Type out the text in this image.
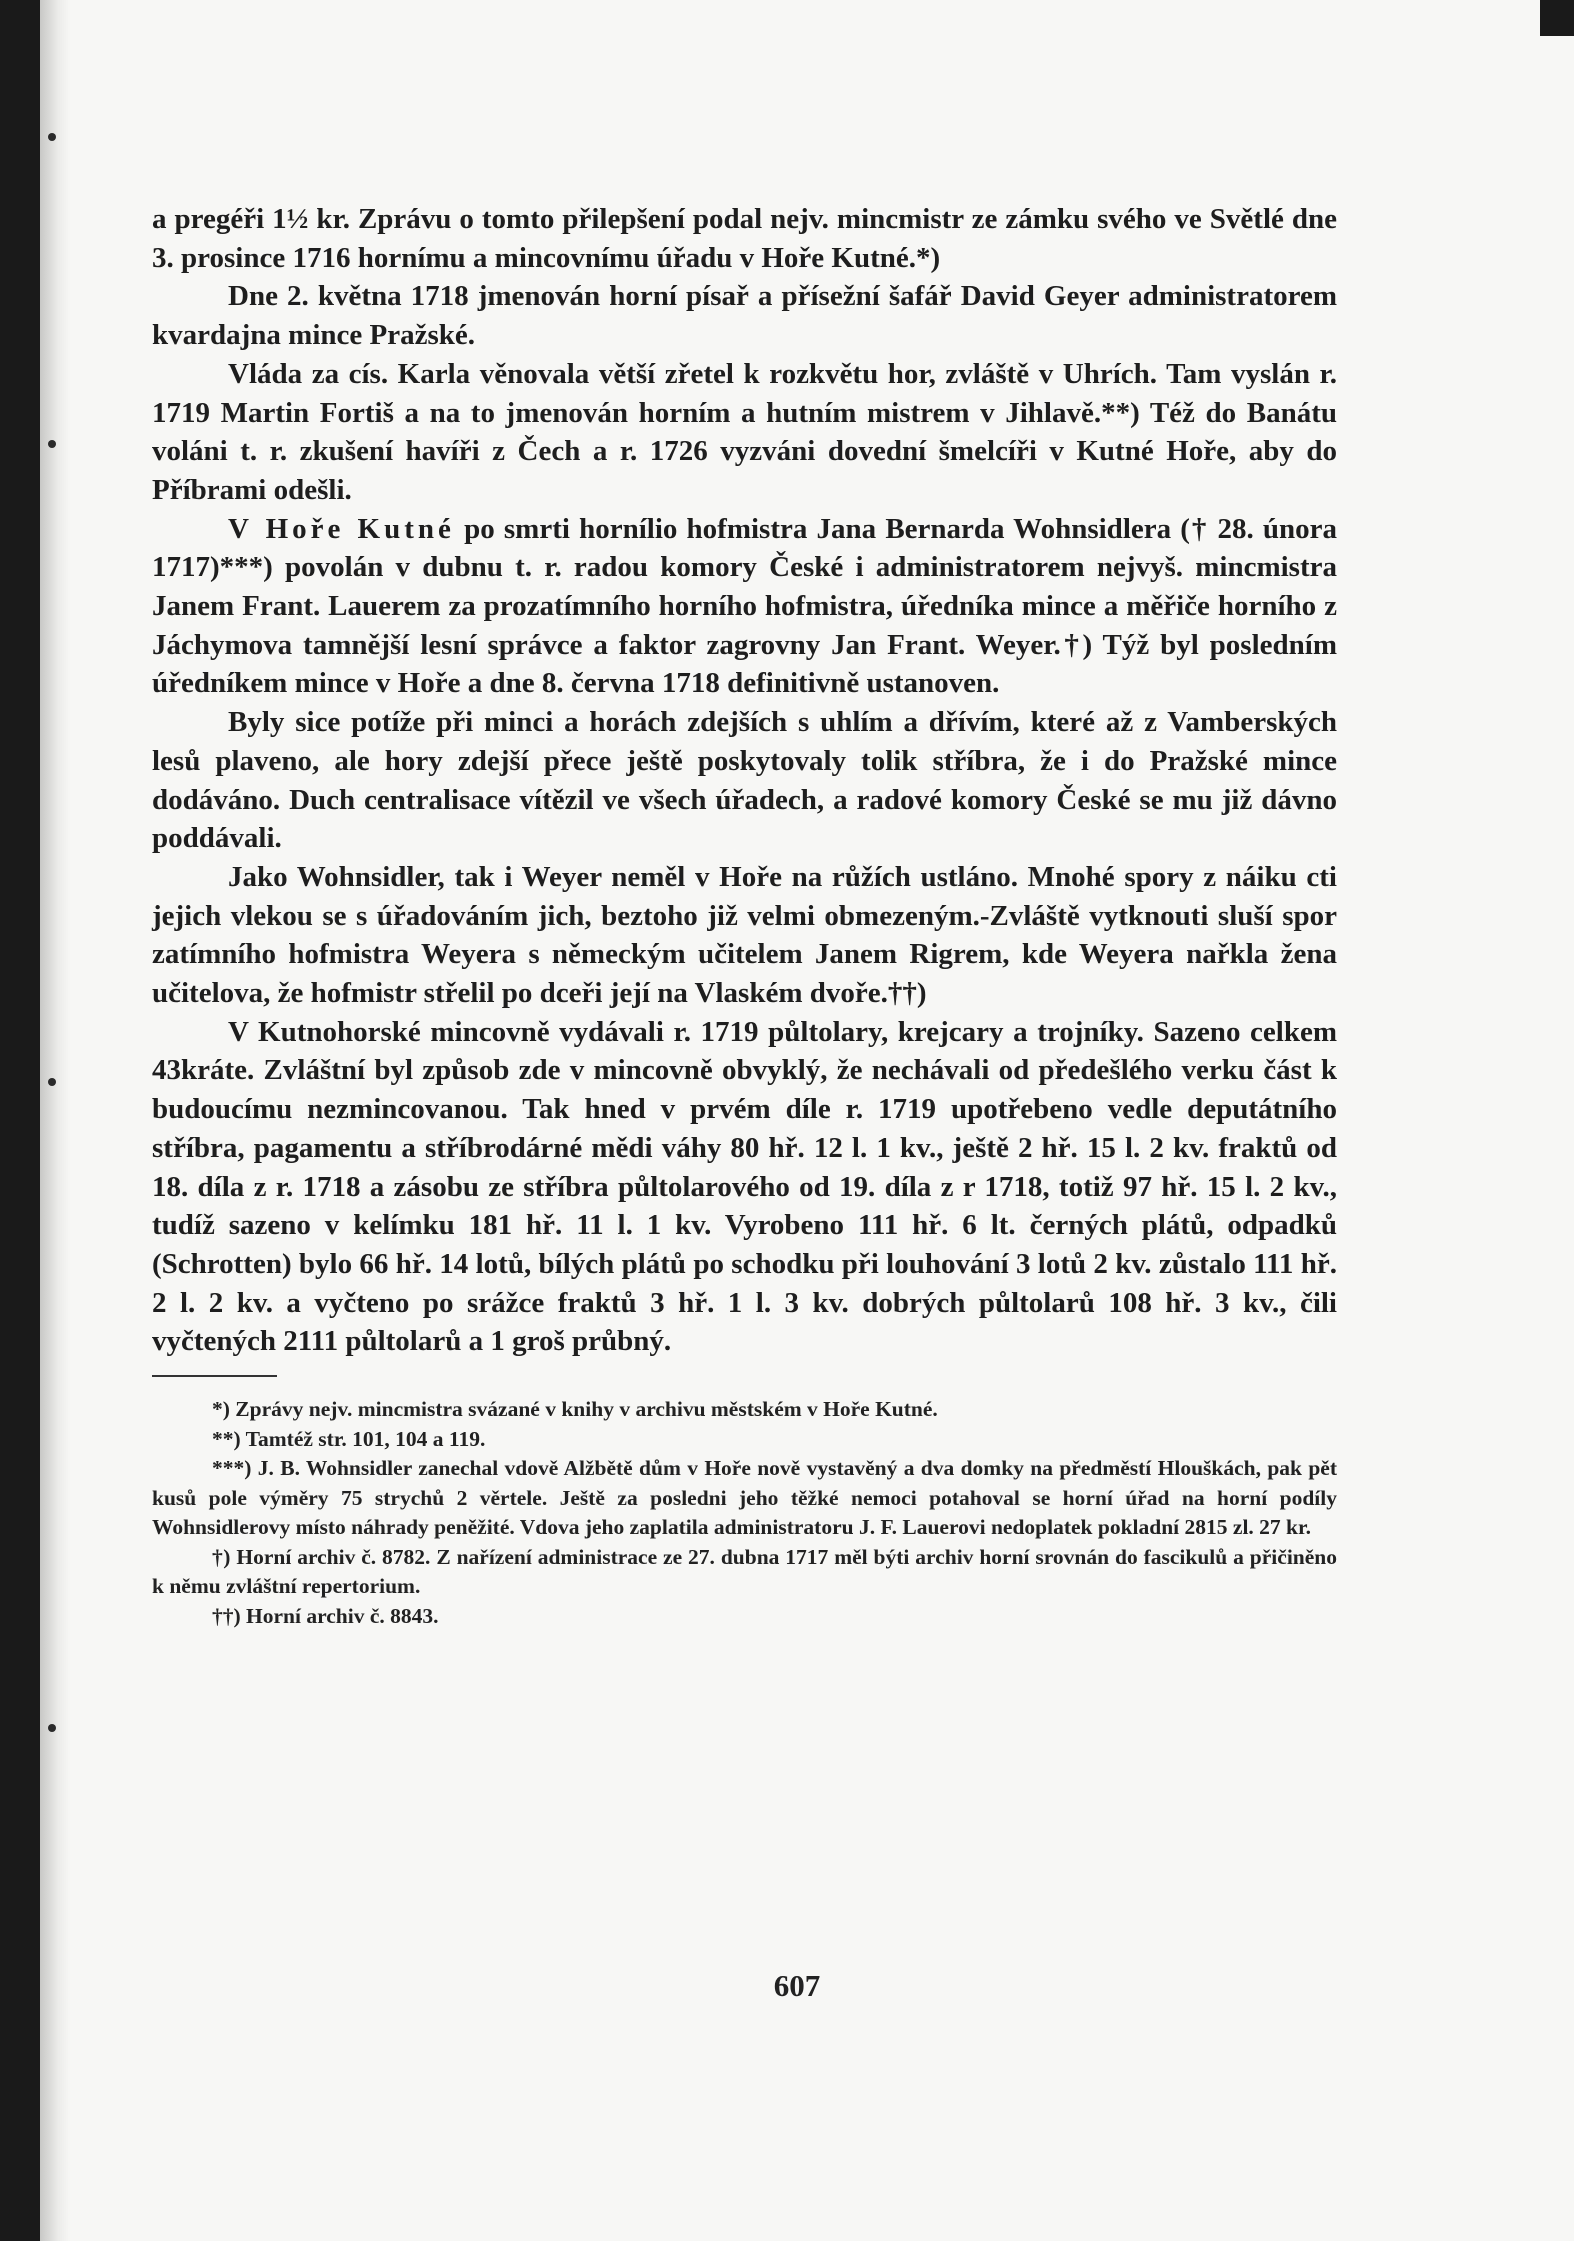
a pregéři 1½ kr. Zprávu o tomto přilepšení podal nejv. mincmistr ze zámku svého ve Světlé dne 3. prosince 1716 hornímu a mincovnímu úřadu v Hoře Kutné.*)

Dne 2. května 1718 jmenován horní písař a přísežní šafář David Geyer administratorem kvardajna mince Pražské.

Vláda za cís. Karla věnovala větší zřetel k rozkvětu hor, zvláště v Uhrích. Tam vyslán r. 1719 Martin Fortiš a na to jmenován horním a hutním mistrem v Jihlavě.**) Též do Banátu voláni t. r. zkušení havíři z Čech a r. 1726 vyzváni dovední šmelcíři v Kutné Hoře, aby do Příbrami odešli.

V Hoře Kutné po smrti hornílio hofmistra Jana Bernarda Wohnsidlera († 28. února 1717)***) povolán v dubnu t. r. radou komory České i administratorem nejvyš. mincmistra Janem Frant. Lauerem za prozatímního horního hofmistra, úředníka mince a měřiče horního z Jáchymova tamnější lesní správce a faktor zagrovny Jan Frant. Weyer.†) Týž byl posledním úředníkem mince v Hoře a dne 8. června 1718 definitivně ustanoven.

Byly sice potíže při minci a horách zdejších s uhlím a dřívím, které až z Vamberských lesů plaveno, ale hory zdejší přece ještě poskytovaly tolik stříbra, že i do Pražské mince dodáváno. Duch centralisace vítězil ve všech úřadech, a radové komory České se mu již dávno poddávali.

Jako Wohnsidler, tak i Weyer neměl v Hoře na růžích ustláno. Mnohé spory z náiku cti jejich vlekou se s úřadováním jich, beztoho již velmi obmezeným.-Zvláště vytknouti sluší spor zatímního hofmistra Weyera s německým učitelem Janem Rigrem, kde Weyera nařkla žena učitelova, že hofmistr střelil po dceři její na Vlaském dvoře.††)

V Kutnohorské mincovně vydávali r. 1719 půltolary, krejcary a trojníky. Sazeno celkem 43kráte. Zvláštní byl způsob zde v mincovně obvyklý, že nechávali od předešlého verku část k budoucímu nezmincovanou. Tak hned v prvém díle r. 1719 upotřebeno vedle deputátního stříbra, pagamentu a stříbrodárné mědi váhy 80 hř. 12 l. 1 kv., ještě 2 hř. 15 l. 2 kv. fraktů od 18. díla z r. 1718 a zásobu ze stříbra půltolarového od 19. díla z r 1718, totiž 97 hř. 15 l. 2 kv., tudíž sazeno v kelímku 181 hř. 11 l. 1 kv. Vyrobeno 111 hř. 6 lt. černých plátů, odpadků (Schrotten) bylo 66 hř. 14 lotů, bílých plátů po schodku při louhování 3 lotů 2 kv. zůstalo 111 hř. 2 l. 2 kv. a vyčteno po srážce fraktů 3 hř. 1 l. 3 kv. dobrých půltolarů 108 hř. 3 kv., čili vyčtených 2111 půltolarů a 1 groš průbný.

*) Zprávy nejv. mincmistra svázané v knihy v archivu městském v Hoře Kutné.

**) Tamtéž str. 101, 104 a 119.

***) J. B. Wohnsidler zanechal vdově Alžbětě dům v Hoře nově vystavěný a dva domky na předměstí Hlouškách, pak pět kusů pole výměry 75 strychů 2 věrtele. Ještě za posledni jeho těžké nemoci potahoval se horní úřad na horní podíly Wohnsidlerovy místo náhrady peněžité. Vdova jeho zaplatila administratoru J. F. Lauerovi nedoplatek pokladní 2815 zl. 27 kr.

†) Horní archiv č. 8782. Z nařízení administrace ze 27. dubna 1717 měl býti archiv horní srovnán do fascikulů a přičiněno k němu zvláštní repertorium.

††) Horní archiv č. 8843.

607
